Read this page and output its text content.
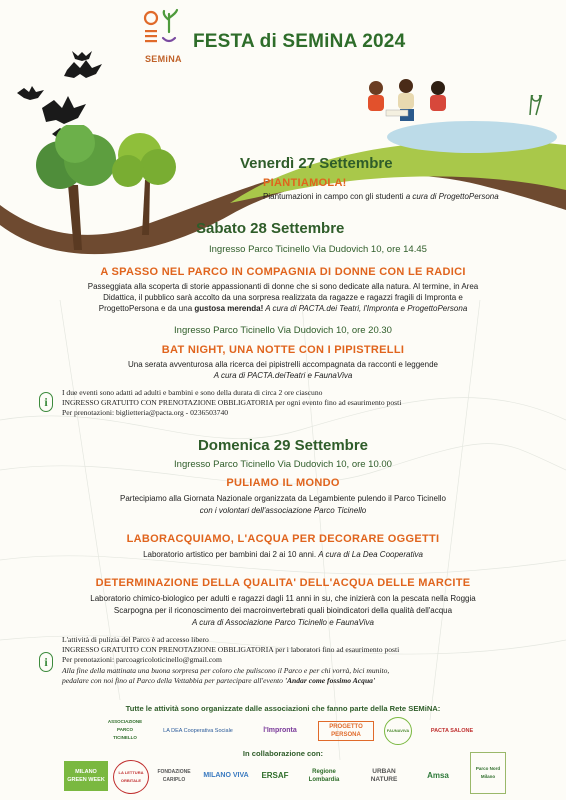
SEMiNA
FESTA di SEMiNA 2024
Venerdì 27 Settembre
PIANTIAMOLA!
Piantumazioni in campo con gli studenti a cura di ProgettoPersona
Sabato 28 Settembre
Ingresso Parco Ticinello Via Dudovich 10, ore 14.45
A SPASSO NEL PARCO IN COMPAGNIA DI DONNE CON LE RADICI
Passeggiata alla scoperta di storie appassionanti di donne che si sono dedicate alla natura. Al termine, in Area
Didattica, il pubblico sarà accolto da una sorpresa realizzata da ragazze e ragazzi fragili di Impronta e
ProgettoPersona e da una gustosa merenda! A cura di PACTA.dei Teatri, l'Impronta e ProgettoPersona
Ingresso Parco Ticinello Via Dudovich 10, ore 20.30
BAT NIGHT, UNA NOTTE CON I PIPISTRELLI
Una serata avventurosa alla ricerca dei pipistrelli accompagnata da racconti e leggende
A cura di PACTA.deiTeatri e FaunaViva
i
I due eventi sono adatti ad adulti e bambini e sono della durata di circa 2 ore ciascuno
INGRESSO GRATUITO CON PRENOTAZIONE OBBLIGATORIA per ogni evento fino ad esaurimento posti
Per prenotazioni: biglietteria@pacta.org - 0236503740
Domenica 29 Settembre
Ingresso Parco Ticinello Via Dudovich 10, ore 10.00
PULIAMO IL MONDO
Partecipiamo alla Giornata Nazionale organizzata da Legambiente pulendo il Parco Ticinello
con i volontari dell'associazione Parco Ticinello
LABORACQUIAMO, L'ACQUA PER DECORARE OGGETTI
Laboratorio artistico per bambini dai 2 ai 10 anni. A cura di La Dea Cooperativa
DETERMINAZIONE DELLA QUALITA' DELL'ACQUA DELLE MARCITE
Laboratorio chimico-biologico per adulti e ragazzi dagli 11 anni in su, che inizierà con la pescata nella Roggia
Scarpogna per il riconoscimento dei macroinvertebrati quali bioindicatori della qualità dell'acqua
A cura di Associazione Parco Ticinello e FaunaViva
i
L'attività di pulizia del Parco è ad accesso libero
INGRESSO GRATUITO CON PRENOTAZIONE OBBLIGATORIA per i laboratori fino ad esaurimento posti
Per prenotazioni: parcoagricoloticinello@gmail.com
Alla fine della mattinata una buona sorpresa per coloro che puliscono il Parco e per chi vorrà, bici munito,
pedalare con noi fino al Parco della Vettabbia per partecipare all'evento 'Andar come fossimo Acqua'
Tutte le attività sono organizzate dalle associazioni che fanno parte della Rete SEMiNA:
ASSOCIAZIONE PARCO TICINELLO
LA DEA Cooperativa Sociale	l'Impronta	PROGETTO PERSONA
FAUNAVIVA	PACTA SALONE
In collaborazione con:
MILANO GREEN WEEK
LA LETTURA ORBITALE
FONDAZIONE CARIPLO
MILANO VIVA	ERSAF	Regione Lombardia
URBAN NATURE	Amsa
Parco Nord Milano
